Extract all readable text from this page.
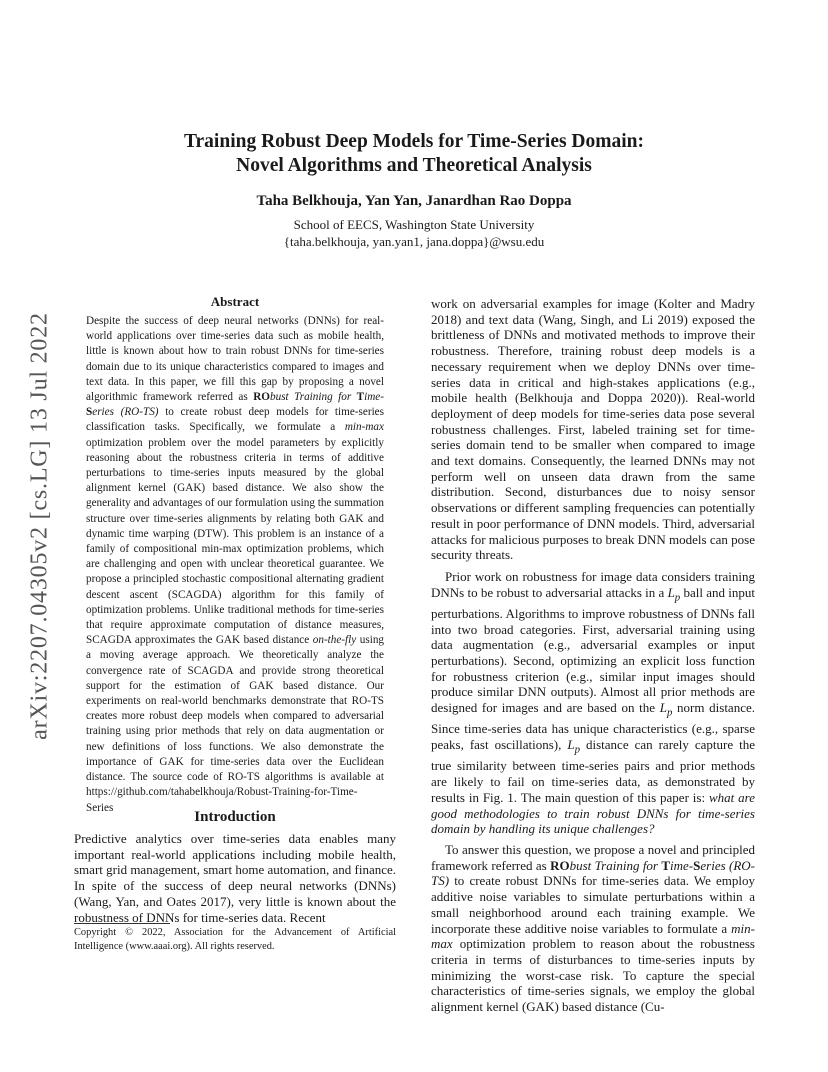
arXiv:2207.04305v2 [cs.LG] 13 Jul 2022
Training Robust Deep Models for Time-Series Domain:
Novel Algorithms and Theoretical Analysis
Taha Belkhouja, Yan Yan, Janardhan Rao Doppa
School of EECS, Washington State University
{taha.belkhouja, yan.yan1, jana.doppa}@wsu.edu
Abstract
Despite the success of deep neural networks (DNNs) for real-world applications over time-series data such as mobile health, little is known about how to train robust DNNs for time-series domain due to its unique characteristics compared to images and text data. In this paper, we fill this gap by proposing a novel algorithmic framework referred as RObust Training for Time-Series (RO-TS) to create robust deep models for time-series classification tasks. Specifically, we formulate a min-max optimization problem over the model parameters by explicitly reasoning about the robustness criteria in terms of additive perturbations to time-series inputs measured by the global alignment kernel (GAK) based distance. We also show the generality and advantages of our formulation using the summation structure over time-series alignments by relating both GAK and dynamic time warping (DTW). This problem is an instance of a family of compositional min-max optimization problems, which are challenging and open with unclear theoretical guarantee. We propose a principled stochastic compositional alternating gradient descent ascent (SCAGDA) algorithm for this family of optimization problems. Unlike traditional methods for time-series that require approximate computation of distance measures, SCAGDA approximates the GAK based distance on-the-fly using a moving average approach. We theoretically analyze the convergence rate of SCAGDA and provide strong theoretical support for the estimation of GAK based distance. Our experiments on real-world benchmarks demonstrate that RO-TS creates more robust deep models when compared to adversarial training using prior methods that rely on data augmentation or new definitions of loss functions. We also demonstrate the importance of GAK for time-series data over the Euclidean distance. The source code of RO-TS algorithms is available at https://github.com/tahabelkhouja/Robust-Training-for-Time-Series
Introduction
Predictive analytics over time-series data enables many important real-world applications including mobile health, smart grid management, smart home automation, and finance. In spite of the success of deep neural networks (DNNs) (Wang, Yan, and Oates 2017), very little is known about the robustness of DNNs for time-series data. Recent
Copyright © 2022, Association for the Advancement of Artificial Intelligence (www.aaai.org). All rights reserved.

work on adversarial examples for image (Kolter and Madry 2018) and text data (Wang, Singh, and Li 2019) exposed the brittleness of DNNs and motivated methods to improve their robustness. Therefore, training robust deep models is a necessary requirement when we deploy DNNs over time-series data in critical and high-stakes applications (e.g., mobile health (Belkhouja and Doppa 2020)). Real-world deployment of deep models for time-series data pose several robustness challenges. First, labeled training set for time-series domain tend to be smaller when compared to image and text domains. Consequently, the learned DNNs may not perform well on unseen data drawn from the same distribution. Second, disturbances due to noisy sensor observations or different sampling frequencies can potentially result in poor performance of DNN models. Third, adversarial attacks for malicious purposes to break DNN models can pose security threats.

Prior work on robustness for image data considers training DNNs to be robust to adversarial attacks in a $L_p$ ball and input perturbations. Algorithms to improve robustness of DNNs fall into two broad categories. First, adversarial training using data augmentation (e.g., adversarial examples or input perturbations). Second, optimizing an explicit loss function for robustness criterion (e.g., similar input images should produce similar DNN outputs). Almost all prior methods are designed for images and are based on the $L_p$ norm distance. Since time-series data has unique characteristics (e.g., sparse peaks, fast oscillations), $L_p$ distance can rarely capture the true similarity between time-series pairs and prior methods are likely to fail on time-series data, as demonstrated by results in Fig. 1. The main question of this paper is: what are good methodologies to train robust DNNs for time-series domain by handling its unique challenges?

To answer this question, we propose a novel and principled framework referred as RObust Training for Time-Series (RO-TS) to create robust DNNs for time-series data. We employ additive noise variables to simulate perturbations within a small neighborhood around each training example. We incorporate these additive noise variables to formulate a min-max optimization problem to reason about the robustness criteria in terms of disturbances to time-series inputs by minimizing the worst-case risk. To capture the special characteristics of time-series signals, we employ the global alignment kernel (GAK) based distance (Cu-
